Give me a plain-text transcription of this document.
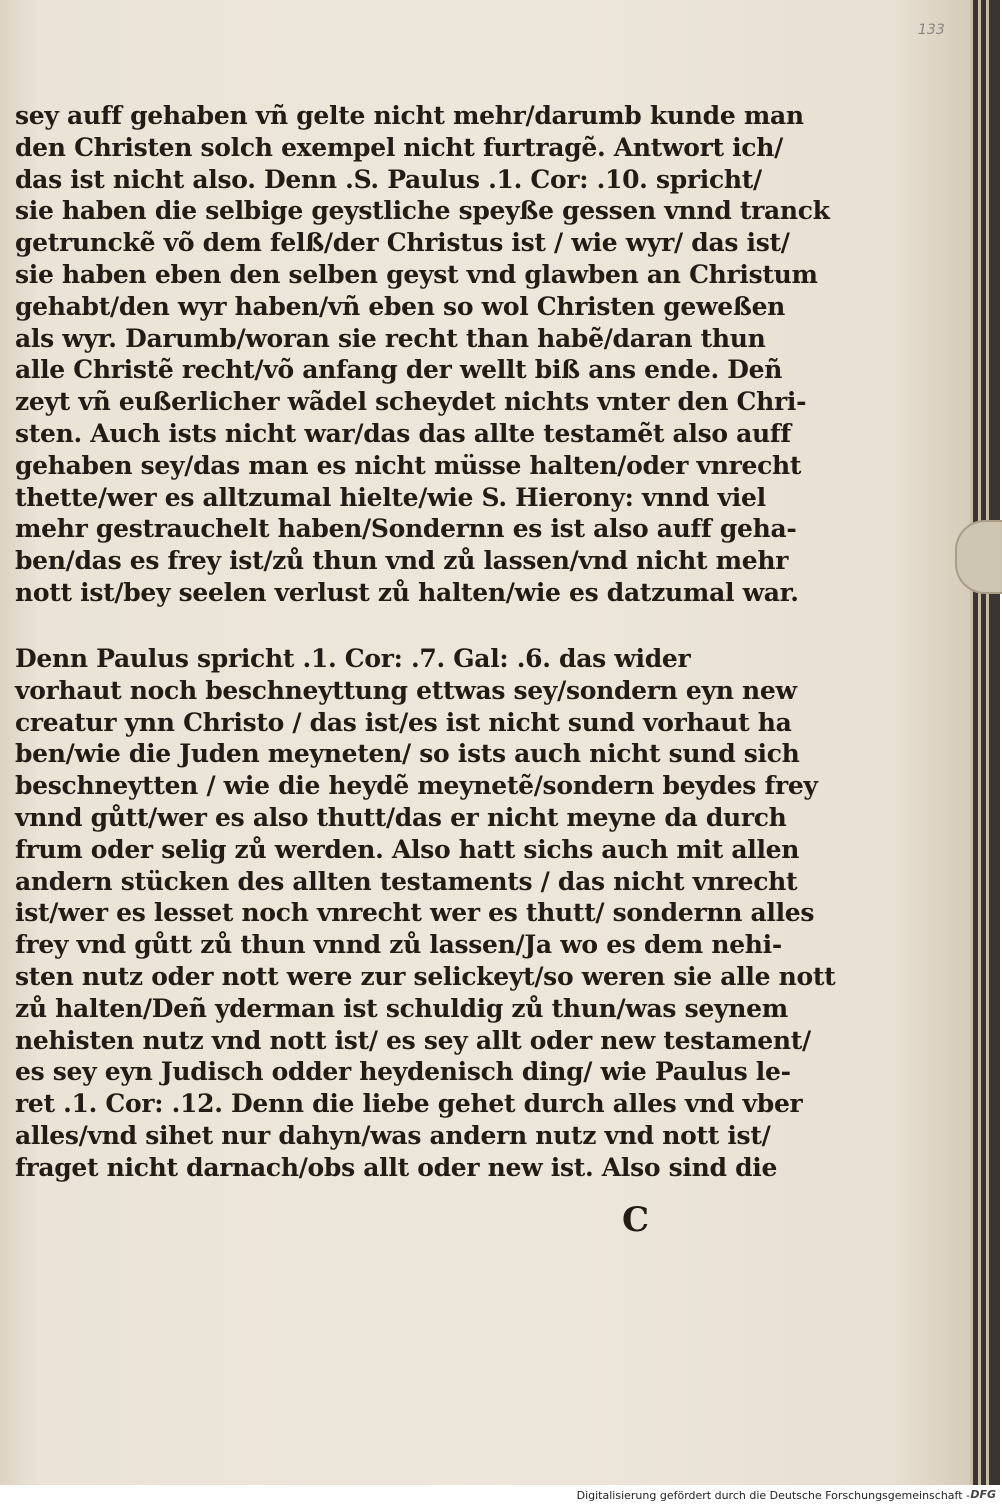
133
sey auff gehaben vñ gelte nicht mehr/darumb kunde man
den Christen solch exempel nicht furtragẽ. Antwort ich/
das ist nicht also. Denn .S. Paulus .1. Cor: .10. spricht/
sie haben die selbige geystliche speyße gessen vnnd tranck
getrunckẽ võ dem felß/der Christus ist / wie wyr/ das ist/
sie haben eben den selben geyst vnd glawben an Christum
gehabt/den wyr haben/vñ eben so wol Christen geweßen
als wyr. Darumb/woran sie recht than habẽ/daran thun
alle Christẽ recht/võ anfang der wellt biß ans ende. Deñ
zeyt vñ eußerlicher wãdel scheydet nichts vnter den Chri-
sten. Auch ists nicht war/das das allte testamẽt also auff
gehaben sey/das man es nicht müsse halten/oder vnrecht
thette/wer es alltzumal hielte/wie S. Hierony: vnnd viel
mehr gestrauchelt haben/Sondernn es ist also auff geha-
ben/das es frey ist/zů thun vnd zů lassen/vnd nicht mehr
nott ist/bey seelen verlust zů halten/wie es datzumal war.
Denn Paulus spricht .1. Cor: .7. Gal: .6. das wider
vorhaut noch beschneyttung ettwas sey/sondern eyn new
creatur ynn Christo / das ist/es ist nicht sund vorhaut ha
ben/wie die Juden meyneten/ so ists auch nicht sund sich
beschneytten / wie die heydẽ meynetẽ/sondern beydes frey
vnnd gůtt/wer es also thutt/das er nicht meyne da durch
frum oder selig zů werden. Also hatt sichs auch mit allen
andern stücken des allten testaments / das nicht vnrecht
ist/wer es lesset noch vnrecht wer es thutt/ sondernn alles
frey vnd gůtt zů thun vnnd zů lassen/Ja wo es dem nehi-
sten nutz oder nott were zur selickeyt/so weren sie alle nott
zů halten/Deñ yderman ist schuldig zů thun/was seynem
nehisten nutz vnd nott ist/ es sey allt oder new testament/
es sey eyn Judisch odder heydenisch ding/ wie Paulus le-
ret .1. Cor: .12. Denn die liebe gehet durch alles vnd vber
alles/vnd sihet nur dahyn/was andern nutz vnd nott ist/
fraget nicht darnach/obs allt oder new ist. Also sind die
C
Digitalisierung gefördert durch die Deutsche Forschungsgemeinschaft - DFG
